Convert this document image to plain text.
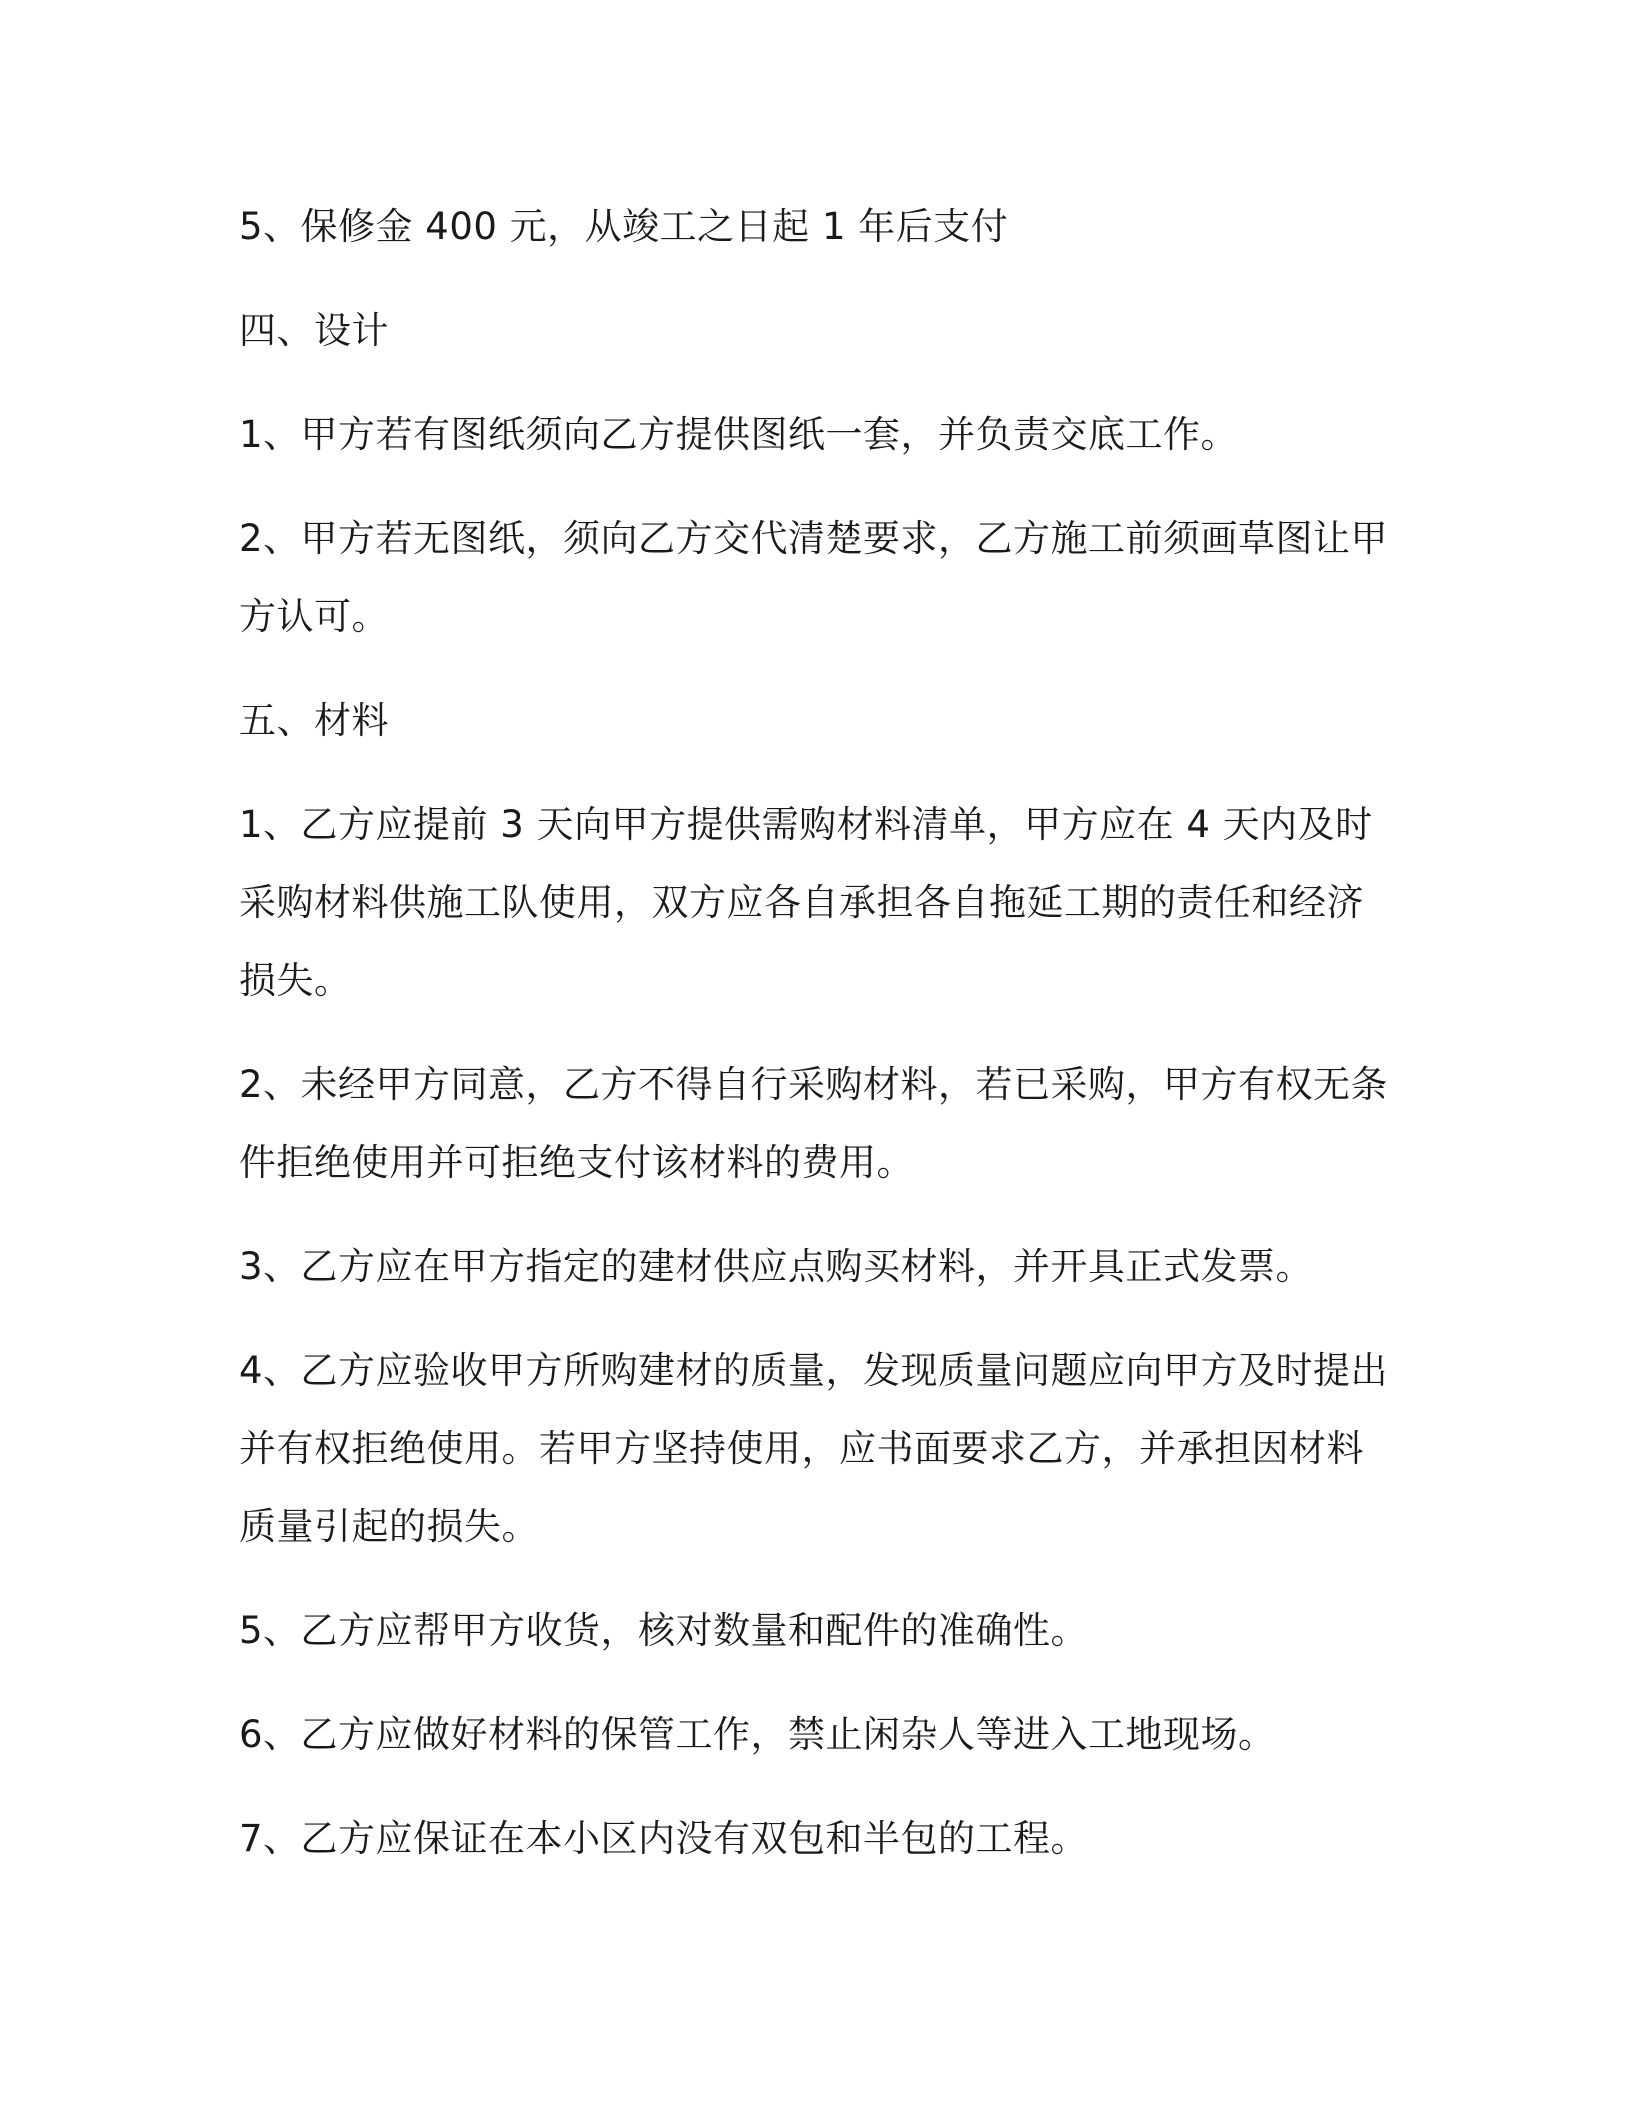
5、保修金 400 元，从竣工之日起 1 年后支付

四、设计

1、甲方若有图纸须向乙方提供图纸一套，并负责交底工作。

2、甲方若无图纸，须向乙方交代清楚要求，乙方施工前须画草图让甲方认可。

五、材料

1、乙方应提前 3 天向甲方提供需购材料清单，甲方应在 4 天内及时采购材料供施工队使用，双方应各自承担各自拖延工期的责任和经济损失。

2、未经甲方同意，乙方不得自行采购材料，若已采购，甲方有权无条件拒绝使用并可拒绝支付该材料的费用。

3、乙方应在甲方指定的建材供应点购买材料，并开具正式发票。

4、乙方应验收甲方所购建材的质量，发现质量问题应向甲方及时提出并有权拒绝使用。若甲方坚持使用，应书面要求乙方，并承担因材料质量引起的损失。

5、乙方应帮甲方收货，核对数量和配件的准确性。

6、乙方应做好材料的保管工作，禁止闲杂人等进入工地现场。

7、乙方应保证在本小区内没有双包和半包的工程。
